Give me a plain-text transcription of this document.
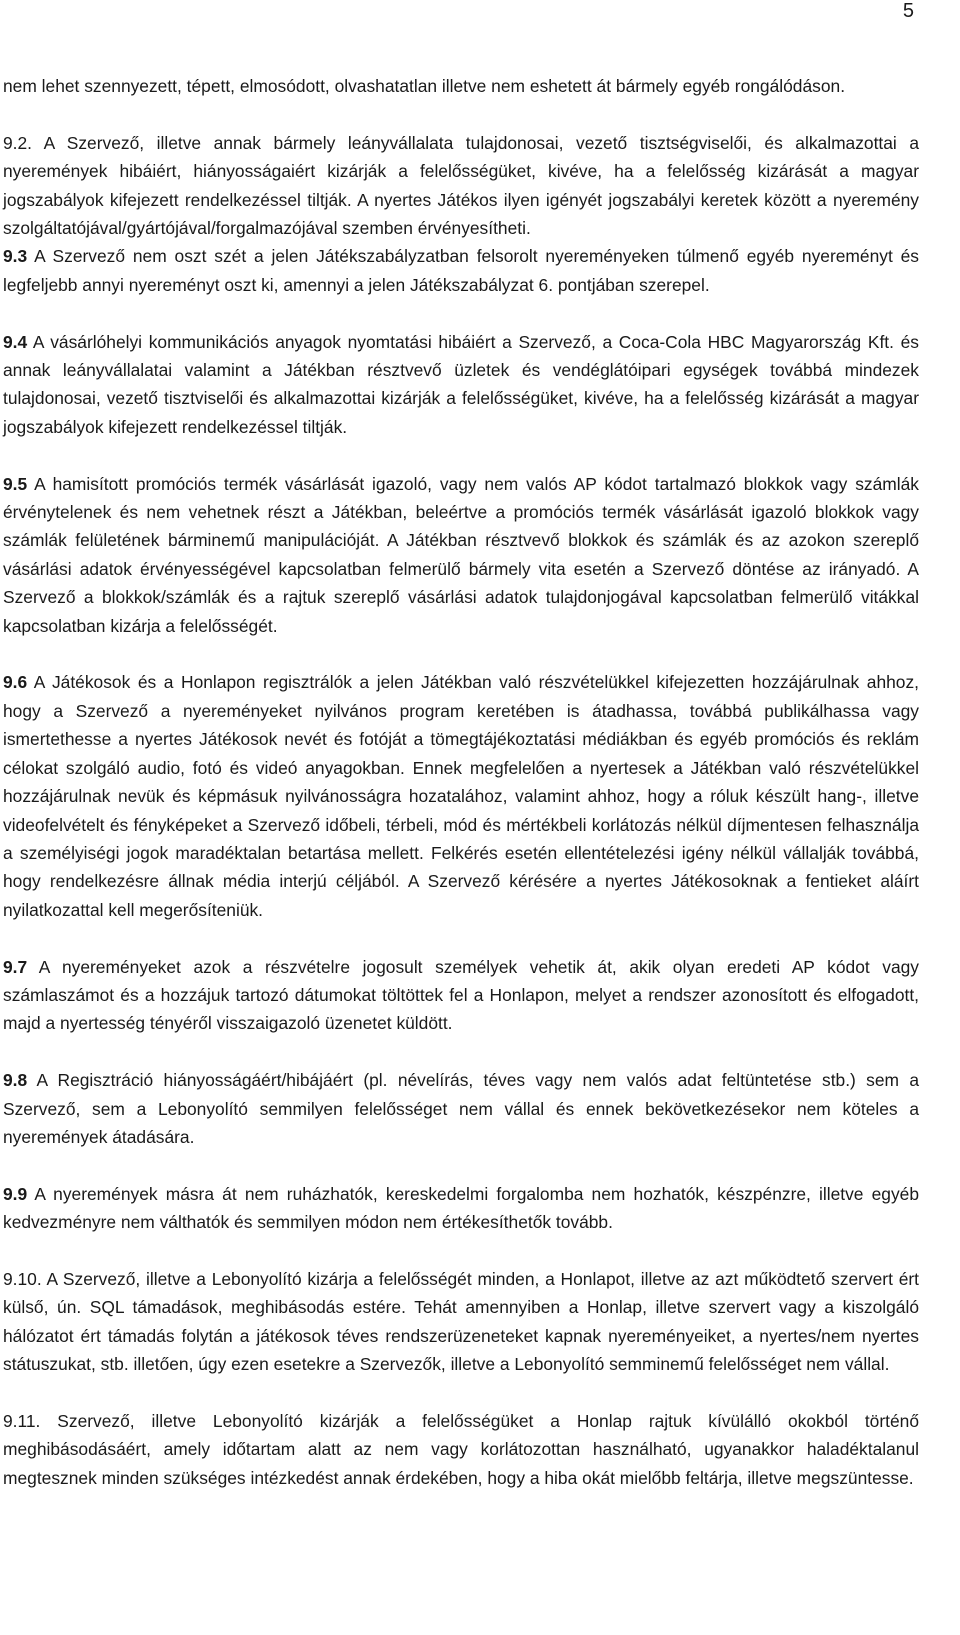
5

nem lehet szennyezett, tépett, elmosódott, olvashatatlan illetve nem eshetett át bármely egyéb rongálódáson.

9.2. A Szervező, illetve annak bármely leányvállalata tulajdonosai, vezető tisztségviselői, és alkalmazottai a nyeremények hibáiért, hiányosságaiért kizárják a felelősségüket, kivéve, ha a felelősség kizárását a magyar jogszabályok kifejezett rendelkezéssel tiltják. A nyertes Játékos ilyen igényét jogszabályi keretek között a nyeremény szolgáltatójával/gyártójával/forgalmazójával szemben érvényesítheti.

9.3 A Szervező nem oszt szét a jelen Játékszabályzatban felsorolt nyereményeken túlmenő egyéb nyereményt és legfeljebb annyi nyereményt oszt ki, amennyi a jelen Játékszabályzat 6. pontjában szerepel.

9.4 A vásárlóhelyi kommunikációs anyagok nyomtatási hibáiért a Szervező, a Coca-Cola HBC Magyarország Kft. és annak leányvállalatai valamint a Játékban résztvevő üzletek és vendéglátóipari egységek továbbá mindezek tulajdonosai, vezető tisztviselői és alkalmazottai kizárják a felelősségüket, kivéve, ha a felelősség kizárását a magyar jogszabályok kifejezett rendelkezéssel tiltják.

9.5 A hamisított promóciós termék vásárlását igazoló, vagy nem valós AP kódot tartalmazó blokkok vagy számlák érvénytelenek és nem vehetnek részt a Játékban, beleértve a promóciós termék vásárlását igazoló blokkok vagy számlák felületének bárminemű manipulációját. A Játékban résztvevő blokkok és számlák és az azokon szereplő vásárlási adatok érvényességével kapcsolatban felmerülő bármely vita esetén a Szervező döntése az irányadó. A Szervező a blokkok/számlák és a rajtuk szereplő vásárlási adatok tulajdonjogával kapcsolatban felmerülő vitákkal kapcsolatban kizárja a felelősségét.

9.6 A Játékosok és a Honlapon regisztrálók a jelen Játékban való részvételükkel kifejezetten hozzájárulnak ahhoz, hogy a Szervező a nyereményeket nyilvános program keretében is átadhassa, továbbá publikálhassa vagy ismertethesse a nyertes Játékosok nevét és fotóját a tömegtájékoztatási médiákban és egyéb promóciós és reklám célokat szolgáló audio, fotó és videó anyagokban. Ennek megfelelően a nyertesek a Játékban való részvételükkel hozzájárulnak nevük és képmásuk nyilvánosságra hozatalához, valamint ahhoz, hogy a róluk készült hang-, illetve videofelvételt és fényképeket a Szervező időbeli, térbeli, mód és mértékbeli korlátozás nélkül díjmentesen felhasználja a személyiségi jogok maradéktalan betartása mellett. Felkérés esetén ellentételezési igény nélkül vállalják továbbá, hogy rendelkezésre állnak média interjú céljából. A Szervező kérésére a nyertes Játékosoknak a fentieket aláírt nyilatkozattal kell megerősíteniük.

9.7 A nyereményeket azok a részvételre jogosult személyek vehetik át, akik olyan eredeti AP kódot vagy számlaszámot és a hozzájuk tartozó dátumokat töltöttek fel a Honlapon, melyet a rendszer azonosított és elfogadott, majd a nyertesség tényéről visszaigazoló üzenetet küldött.

9.8 A Regisztráció hiányosságáért/hibájáért (pl. névelírás, téves vagy nem valós adat feltüntetése stb.) sem a Szervező, sem a Lebonyolító semmilyen felelősséget nem vállal és ennek bekövetkezésekor nem köteles a nyeremények átadására.

9.9 A nyeremények másra át nem ruházhatók, kereskedelmi forgalomba nem hozhatók, készpénzre, illetve egyéb kedvezményre nem válthatók és semmilyen módon nem értékesíthetők tovább.

9.10. A Szervező, illetve a Lebonyolító kizárja a felelősségét minden, a Honlapot, illetve az azt működtető szervert ért külső, ún. SQL támadások, meghibásodás estére. Tehát amennyiben a Honlap, illetve szervert vagy a kiszolgáló hálózatot ért támadás folytán a játékosok téves rendszerüzeneteket kapnak nyereményeiket, a nyertes/nem nyertes státuszukat, stb. illetően, úgy ezen esetekre a Szervezők, illetve a Lebonyolító semminemű felelősséget nem vállal.

9.11. Szervező, illetve Lebonyolító kizárják a felelősségüket a Honlap rajtuk kívülálló okokból történő meghibásodásáért, amely időtartam alatt az nem vagy korlátozottan használható, ugyanakkor haladéktalanul megtesznek minden szükséges intézkedést annak érdekében, hogy a hiba okát mielőbb feltárja, illetve megszüntesse.
